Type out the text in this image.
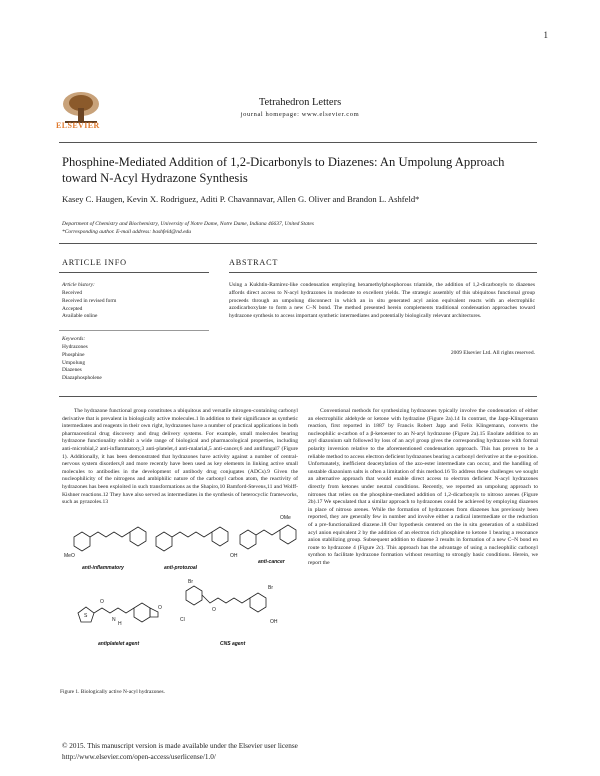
1
ELSEVIER
Tetrahedron Letters
journal homepage: www.elsevier.com
Phosphine-Mediated Addition of 1,2-Dicarbonyls to Diazenes: An Umpolung Approach toward N-Acyl Hydrazone Synthesis
Kasey C. Haugen, Kevin X. Rodriguez, Aditi P. Chavannavar, Allen G. Oliver and Brandon L. Ashfeld*
Department of Chemistry and Biochemistry, University of Notre Dame, Notre Dame, Indiana 46637, United States
*Corresponding author. E-mail address: bashfeld@nd.edu
ARTICLE INFO
Article history:
Received
Received in revised form
Accepted
Available online
Keywords:
Hydrazones
Phosphine
Umpolung
Diazenes
Diazaphospholene
ABSTRACT
Using a Kukhtin-Ramirez-like condensation employing hexamethylphosphorous triamide, the addition of 1,2-dicarbonyls to diazenes affords direct access to N-acyl hydrazones in moderate to excellent yields. The strategic assembly of this ubiquitous functional group proceeds through an umpolung disconnect in which an in situ generated acyl anion equivalent reacts with an electrophilic azodicarboxylate to form a new C–N bond. The method presented herein complements traditional condensation approaches toward hydrazone synthesis to access important synthetic intermediates and potentially biologically relevant architectures.
2009 Elsevier Ltd. All rights reserved.

The hydrazone functional group constitutes a ubiquitous and versatile nitrogen-containing carbonyl derivative that is prevalent in biologically active molecules.1 In addition to their significance as synthetic intermediates and reagents in their own right, hydrazones have a number of practical applications in both pharmaceutical drug discovery and drug delivery systems. For example, small molecules bearing hydrazone functionality exhibit a wide range of biological and pharmacological properties, including anti-microbial,2 anti-inflammatory,3 anti-platelet,4 anti-malarial,5 anti-cancer,6 and antifungal7 (Figure 1). Additionally, it has been demonstrated that hydrazones have activity against a number of central-nervous system disorders,8 and more recently have been used as key elements in linking active small molecules to antibodies in the development of antibody drug conjugates (ADCs).9 Given the nucleophilicity of the nitrogens and ambiphilic nature of the carbonyl carbon atom, the reactivity of hydrazones has been exploited in such transformations as the Shapiro,10 Bamford-Stevens,11 and Wolff-Kishner reactions.12 They have also served as intermediates in the synthesis of heterocyclic frameworks, such as pyrazoles.13

Conventional methods for synthesizing hydrazones typically involve the condensation of either an electrophilic aldehyde or ketone with hydrazine (Figure 2a).14 In contrast, the Japp-Klingemann reaction, first reported in 1887 by Francis Robert Japp and Felix Klingemann, converts the nucleophilic α-carbon of a β-ketoester to an N-aryl hydrazone (Figure 2a).15 Enolate addition to an aryl diazonium salt followed by loss of an acyl group gives the corresponding hydrazone with formal polarity inversion relative to the aforementioned condensation approach. This has proven to be a reliable method to access electron deficient hydrazones bearing a carbonyl derivative at the α-position. Unfortunately, inefficient deacetylation of the azo-ester intermediate can occur, and the handling of unstable diazonium salts is often a limitation of this method.16 To address these challenges we sought an alternative approach that would enable direct access to electron deficient N-acyl hydrazones directly from ketones under neutral conditions. Recently, we reported an umpolung approach to nitrones that relies on the phosphine-mediated addition of 1,2-dicarbonyls to nitroso arenes (Figure 2b).17 We speculated that a similar approach to hydrazones could be achieved by employing diazenes in place of nitroso arenes. While the formation of hydrazones from diazenes has previously been reported, they are generally few in number and involve either a radical intermediate or the reduction of a pre-functionalized diazene.18 Our hypothesis centered on the in situ generation of a stabilized acyl anion equivalent 2 by the addition of an electron rich phosphine to ketone 1 bearing a resonance anion stabilizing group. Subsequent addition to diazene 3 results in formation of a new C–N bond en route to hydrazone 4 (Figure 2c). This approach has the advantage of using a nucleophilic carbonyl synthon to facilitate hydrazone formation without resorting to strongly basic conditions. Herein, we report the

MeO	OH
OMe
OH
Br
Cl
S
O
O
N
H
O
Br
anti-inflammatory	anti-protozoal
anti-cancer
antiplatelet agent	CNS agent
Figure 1. Biologically active N-acyl hydrazones.
© 2015. This manuscript version is made available under the Elsevier user license
http://www.elsevier.com/open-access/userlicense/1.0/
